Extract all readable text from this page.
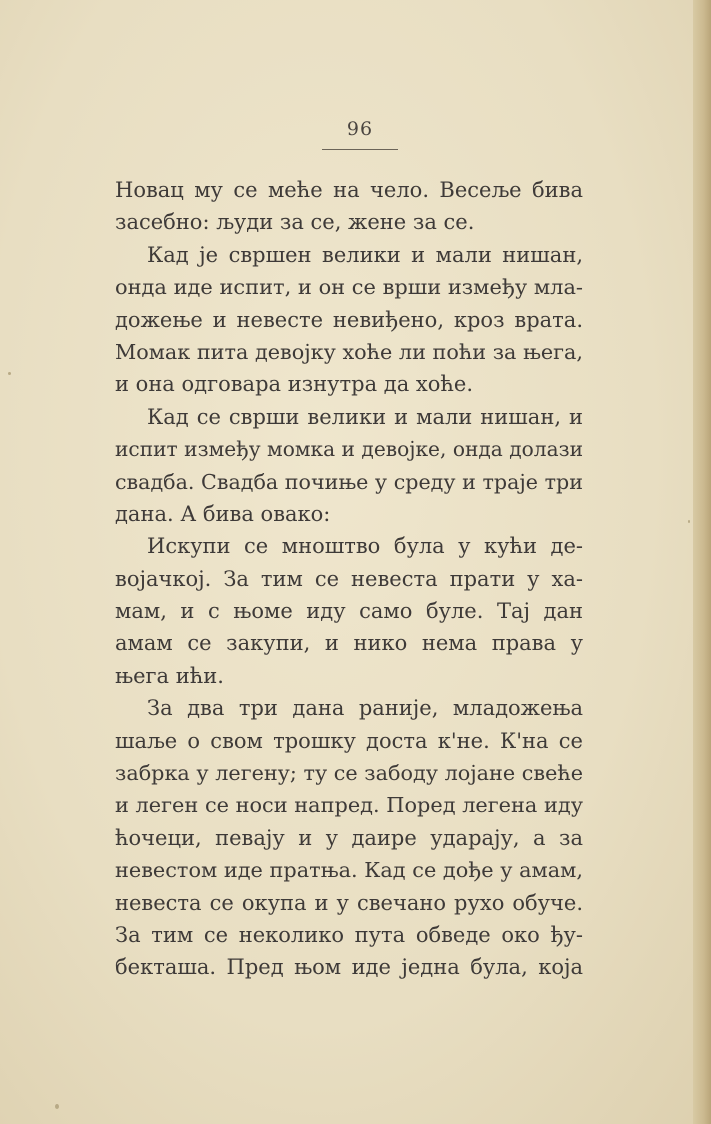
96
Новац му се меће на чело. Весеље бива
засебно: људи за се, жене за се.
Кад је свршен велики и мали нишан,
онда иде испит, и он се врши између мла-
дожење и невесте невиђено, кроз врата.
Момак пита девојку хоће ли поћи за њега,
и она одговара изнутра да хоће.
Кад се сврши велики и мали нишан, и
испит између момка и девојке, онда долази
свадба. Свадба почиње у среду и траје три
дана. А бива овако:
Искупи се мноштво була у кући де-
војачкој. За тим се невеста прати у ха-
мам, и с њоме иду само буле. Тај дан
амам се закупи, и нико нема права у
њега ићи.
За два три дана раније, младожења
шаље о свом трошку доста к'не. К'на се
забрка у легену; ту се забоду лојане свеће
и леген се носи напред. Поред легена иду
ћочеци, певају и у даире ударају, а за
невестом иде пратња. Кад се дође у амам,
невеста се окупа и у свечано рухо обуче.
За тим се неколико пута обведе око ђу-
бекташа. Пред њом иде једна була, која
